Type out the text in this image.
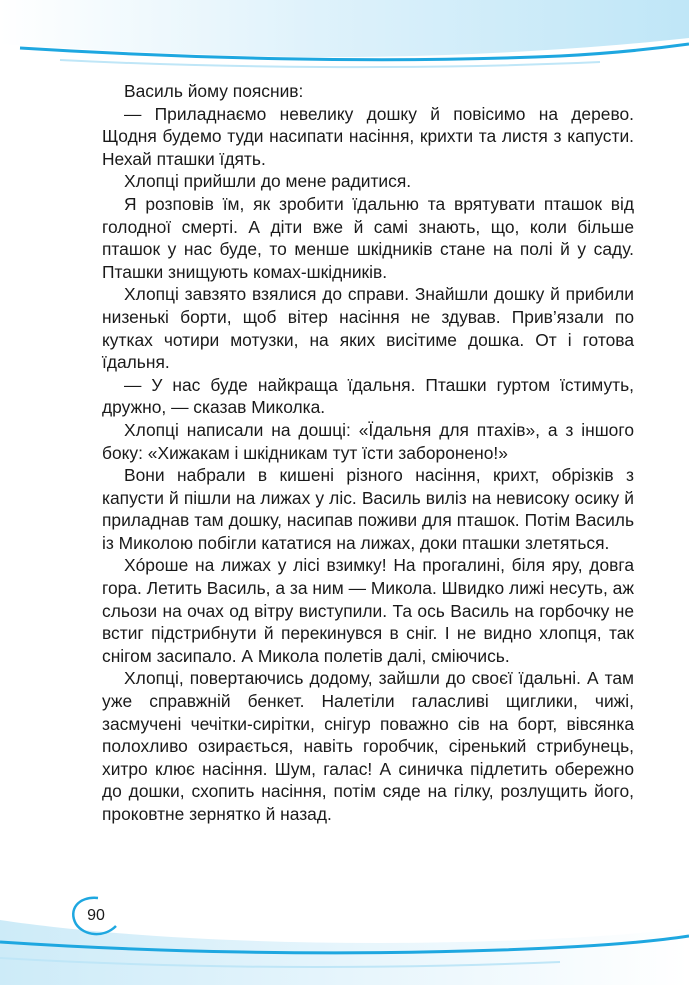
Василь йому пояснив:

— Приладнаємо невелику дошку й повісимо на дерево. Щодня будемо туди насипати насіння, крихти та листя з капусти. Нехай пташки їдять.

Хлопці прийшли до мене радитися.

Я розповів їм, як зробити їдальню та врятувати пташок від голодної смерті. А діти вже й самі знають, що, коли більше пташок у нас буде, то менше шкідників стане на полі й у саду. Пташки знищують комах-шкідників.

Хлопці завзято взялися до справи. Знайшли дошку й прибили низенькі борти, щоб вітер насіння не здував. Прив’язали по кутках чотири мотузки, на яких висітиме дошка. От і готова їдальня.

— У нас буде найкраща їдальня. Пташки гуртом їстимуть, дружно, — сказав Миколка.

Хлопці написали на дошці: «Їдальня для птахів», а з іншого боку: «Хижакам і шкідникам тут їсти заборонено!»

Вони набрали в кишені різного насіння, крихт, обрізків з капусти й пішли на лижах у ліс. Василь виліз на невисоку осику й приладнав там дошку, насипав поживи для пташок. Потім Василь із Миколою побігли кататися на лижах, доки пташки злетяться.

Хóроше на лижах у лісі взимку! На прогалині, біля яру, довга гора. Летить Василь, а за ним — Микола. Швидко лижі несуть, аж сльози на очах од вітру виступили. Та ось Василь на горбочку не встиг підстрибнути й перекинувся в сніг. І не видно хлопця, так снігом засипало. А Микола полетів далі, сміючись.

Хлопці, повертаючись додому, зайшли до своєї їдальні. А там уже справжній бенкет. Налетіли галасливі щиглики, чижі, засмучені чечітки-сирітки, снігур поважно сів на борт, вівсянка полохливо озирається, навіть горобчик, сіренький стрибунець, хитро клює насіння. Шум, галас! А синичка підлетить обережно до дошки, схопить насіння, потім сяде на гілку, розлущить його, проковтне зернятко й назад.

90
